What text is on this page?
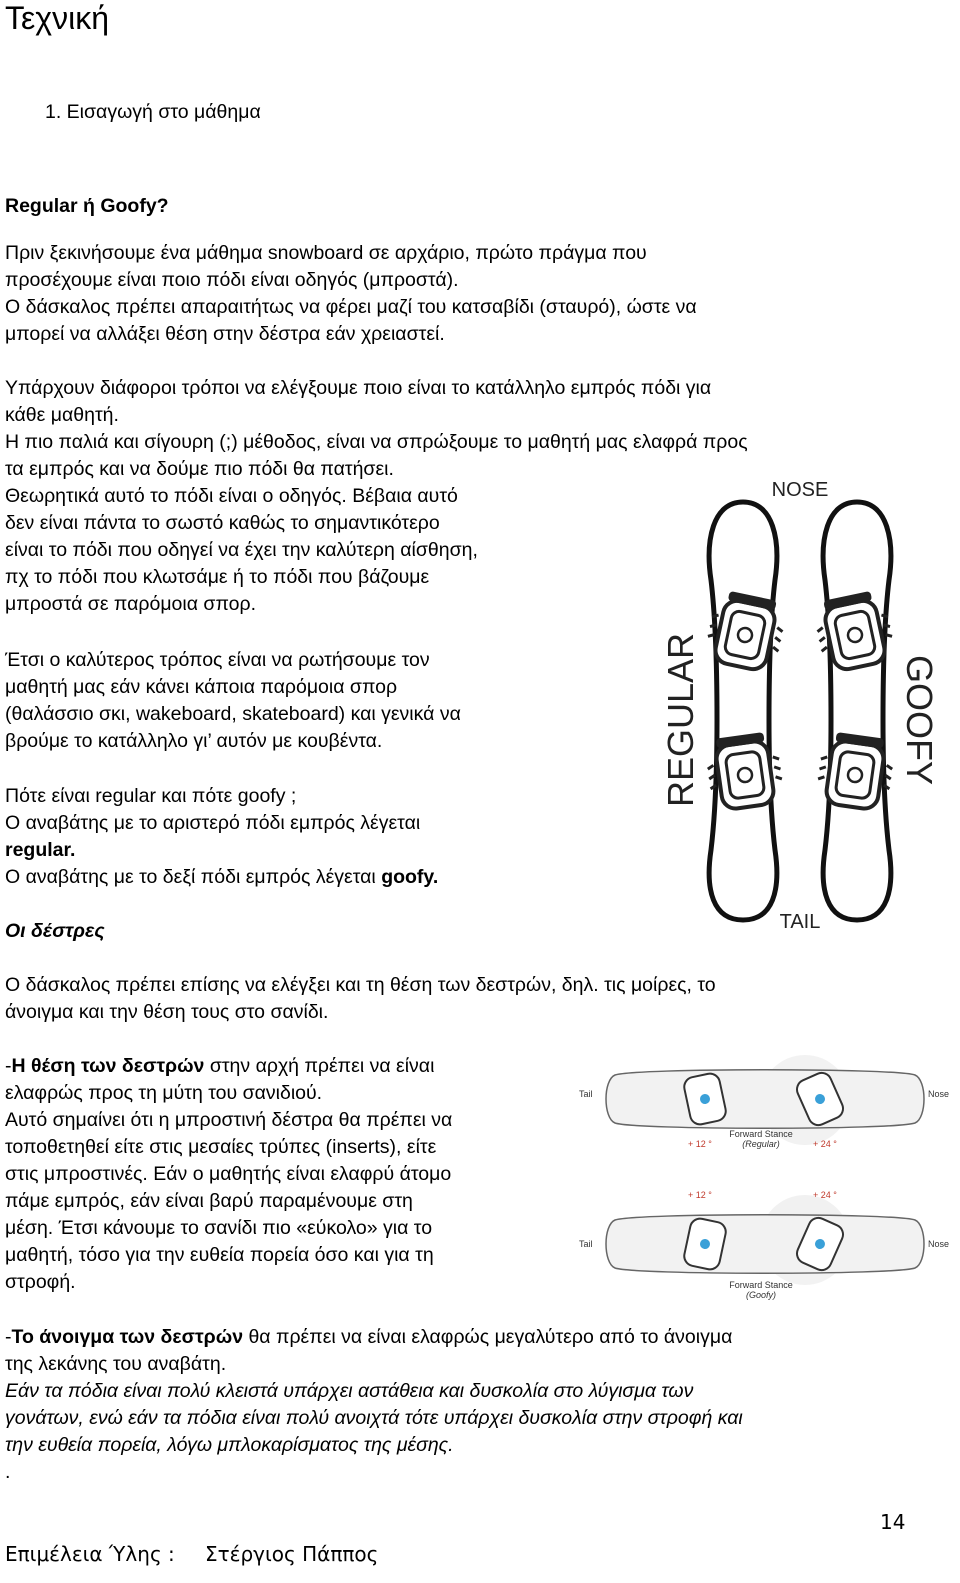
Τεχνική
1. Εισαγωγή στο μάθημα
Regular ή Goofy?
Πριν ξεκινήσουμε ένα μάθημα snowboard σε αρχάριο, πρώτο πράγμα που
προσέχουμε είναι ποιο πόδι είναι οδηγός (μπροστά).
Ο δάσκαλος πρέπει απαραιτήτως να φέρει μαζί του κατσαβίδι (σταυρό), ώστε να
μπορεί να αλλάξει θέση στην δέστρα εάν χρειαστεί.
Υπάρχουν διάφοροι τρόποι να ελέγξουμε ποιο είναι το κατάλληλο εμπρός πόδι για
κάθε μαθητή.
Η πιο παλιά και σίγουρη (;) μέθοδος, είναι να σπρώξουμε το μαθητή μας ελαφρά προς
τα εμπρός και να δούμε πιο πόδι θα πατήσει.
Θεωρητικά αυτό το πόδι είναι ο οδηγός. Βέβαια αυτό
δεν είναι πάντα το σωστό καθώς το σημαντικότερο
είναι το πόδι που οδηγεί να έχει την καλύτερη αίσθηση,
πχ το πόδι που κλωτσάμε ή το πόδι που βάζουμε
μπροστά σε παρόμοια σπορ.
Έτσι ο καλύτερος τρόπος είναι να ρωτήσουμε τον
μαθητή μας εάν κάνει κάποια παρόμοια σπορ
(θαλάσσιο σκι, wakeboard, skateboard) και γενικά να
βρούμε το κατάλληλο γι’ αυτόν με κουβέντα.
Πότε είναι regular και πότε goofy ;
Ο αναβάτης με το αριστερό πόδι εμπρός λέγεται
regular.
Ο αναβάτης με το δεξί πόδι εμπρός λέγεται goofy.
Οι δέστρες
Ο δάσκαλος πρέπει επίσης να ελέγξει και τη θέση των δεστρών, δηλ. τις μοίρες, το
άνοιγμα και την θέση τους στο σανίδι.
-Η θέση των δεστρών στην αρχή πρέπει να είναι
ελαφρώς προς τη μύτη του σανιδιού.
Αυτό σημαίνει ότι η μπροστινή δέστρα θα πρέπει να
τοποθετηθεί είτε στις μεσαίες τρύπες (inserts), είτε
στις μπροστινές. Εάν ο μαθητής είναι ελαφρύ άτομο
πάμε εμπρός, εάν είναι βαρύ παραμένουμε στη
μέση. Έτσι κάνουμε το σανίδι πιο «εύκολο» για το
μαθητή, τόσο για την ευθεία πορεία όσο και για τη
στροφή.
-Το άνοιγμα των δεστρών θα πρέπει να είναι ελαφρώς μεγαλύτερο από το άνοιγμα
της λεκάνης του αναβάτη.
Εάν τα πόδια είναι πολύ κλειστά υπάρχει αστάθεια και δυσκολία στο λύγισμα των
γονάτων, ενώ εάν τα πόδια είναι πολύ ανοιχτά τότε υπάρχει δυσκολία στην στροφή και
την ευθεία πορεία, λόγω μπλοκαρίσματος της μέσης.
.
NOSE
TAIL
REGULAR	GOOFY
Tail	Nose
+ 12 °	+ 24 °
Forward Stance
(Regular)
+ 12 °	+ 24 °
Tail	Nose
Forward Stance
(Goofy)
14
Επιμέλεια Ύλης : Στέργιος Πάππος
